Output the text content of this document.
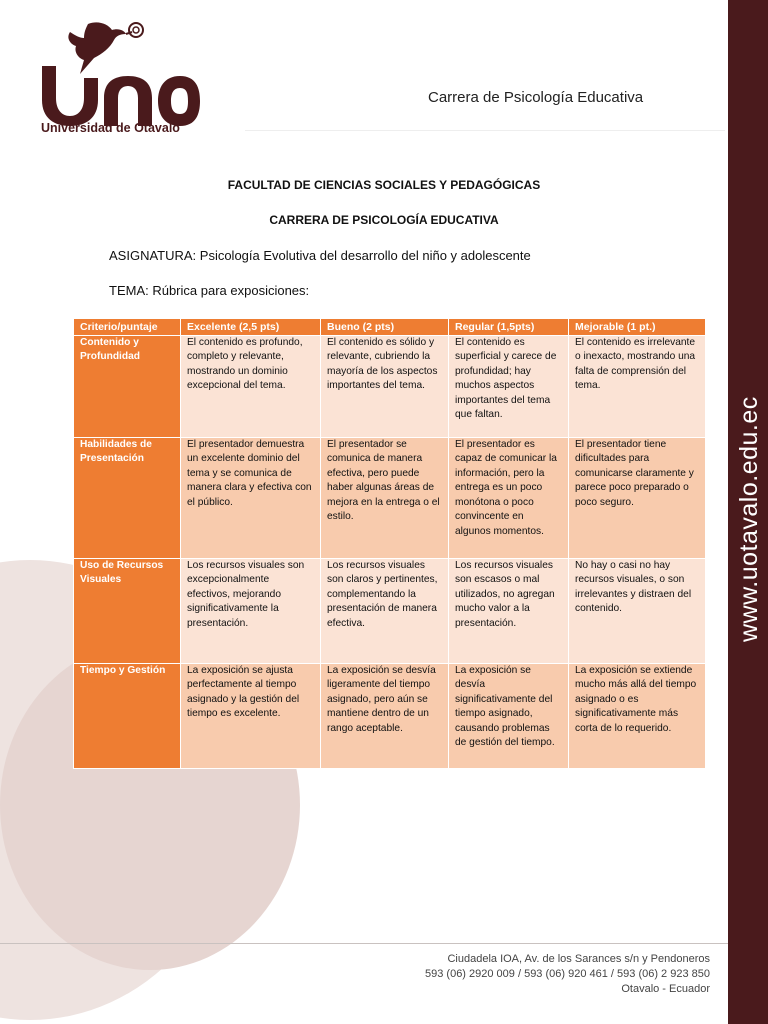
www.uotavalo.edu.ec
Universidad de Otavalo
Carrera de Psicología Educativa
FACULTAD DE CIENCIAS SOCIALES Y PEDAGÓGICAS
CARRERA DE PSICOLOGÍA EDUCATIVA
ASIGNATURA: Psicología Evolutiva del desarrollo del niño y adolescente
TEMA: Rúbrica para exposiciones:
Criterio/puntaje	Excelente (2,5 pts)	Bueno (2 pts)	Regular (1,5pts)	Mejorable (1 pt.)
Contenido y Profundidad	El contenido es profundo, completo y relevante, mostrando un dominio excepcional del tema.	El contenido es sólido y relevante, cubriendo la mayoría de los aspectos importantes del tema.	El contenido es superficial y carece de profundidad; hay muchos aspectos importantes del tema que faltan.	El contenido es irrelevante o inexacto, mostrando una falta de comprensión del tema.
Habilidades de Presentación	El presentador demuestra un excelente dominio del tema y se comunica de manera clara y efectiva con el público.	El presentador se comunica de manera efectiva, pero puede haber algunas áreas de mejora en la entrega o el estilo.	El presentador es capaz de comunicar la información, pero la entrega es un poco monótona o poco convincente en algunos momentos.	El presentador tiene dificultades para comunicarse claramente y parece poco preparado o poco seguro.
Uso de Recursos Visuales	Los recursos visuales son excepcionalmente efectivos, mejorando significativamente la presentación.	Los recursos visuales son claros y pertinentes, complementando la presentación de manera efectiva.	Los recursos visuales son escasos o mal utilizados, no agregan mucho valor a la presentación.	No hay o casi no hay recursos visuales, o son irrelevantes y distraen del contenido.
Tiempo y Gestión	La exposición se ajusta perfectamente al tiempo asignado y la gestión del tiempo es excelente.	La exposición se desvía ligeramente del tiempo asignado, pero aún se mantiene dentro de un rango aceptable.	La exposición se desvía significativamente del tiempo asignado, causando problemas de gestión del tiempo.	La exposición se extiende mucho más allá del tiempo asignado o es significativamente más corta de lo requerido.
Ciudadela IOA, Av. de los Sarances s/n y Pendoneros
593 (06) 2920 009 / 593 (06) 920 461 / 593 (06) 2 923 850
Otavalo - Ecuador
